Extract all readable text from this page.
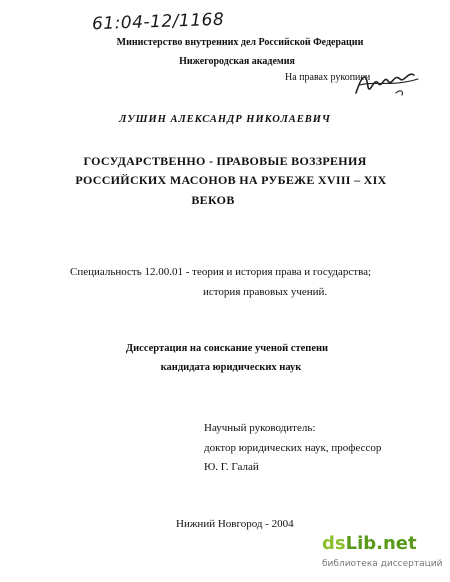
61:04-12/1168
Министерство внутренних дел Российской Федерации
Нижегородская академия
На правах рукописи
ЛУШИН АЛЕКСАНДР НИКОЛАЕВИЧ
ГОСУДАРСТВЕННО - ПРАВОВЫЕ ВОЗЗРЕНИЯ
РОССИЙСКИХ МАСОНОВ НА РУБЕЖЕ XVIII – XIX
ВЕКОВ
Специальность 12.00.01 - теория и история права и государства;
история правовых учений.
Диссертация на соискание ученой степени
кандидата юридических наук
Научный руководитель:
доктор юридических наук, профессор
Ю. Г. Галай
Нижний Новгород - 2004
dsLib.net
библиотека диссертаций
